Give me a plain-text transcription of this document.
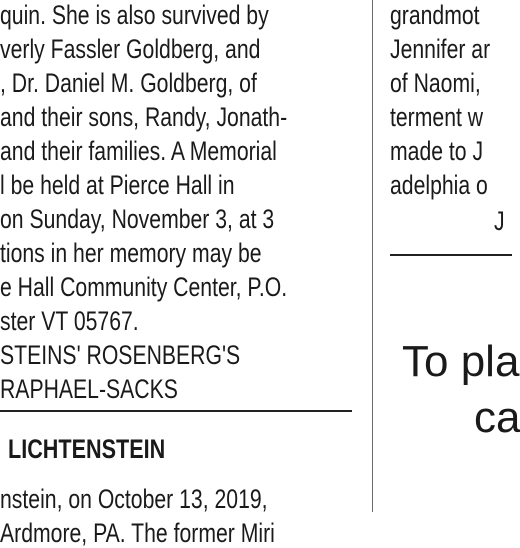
quin. She is also survived by
verly Fassler Goldberg, and
, Dr. Daniel M. Goldberg, of
and their sons, Randy, Jonath-
and their families. A Memorial
l be held at Pierce Hall in
on Sunday, November 3, at 3
tions in her memory may be
e Hall Community Center, P.O.
ster VT 05767.
STEINS' ROSENBERG'S
RAPHAEL-SACKS
nstein, on October 13, 2019,
Ardmore, PA. The former Miri
LICHTENSTEIN
grandmot
Jennifer ar
of Naomi,
terment w
made to J
adelphia o
J
To pla
ca
